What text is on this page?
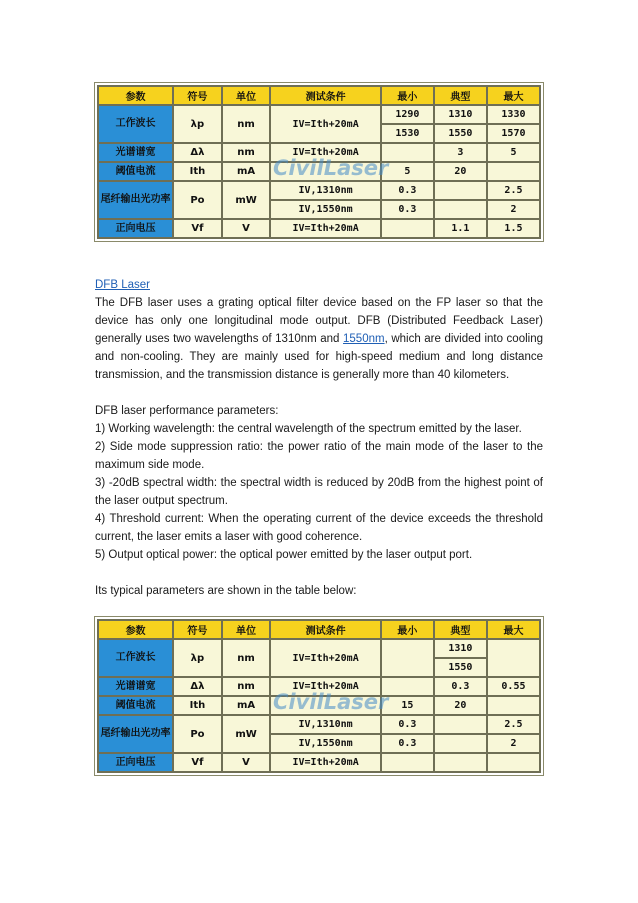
参数	符号	单位	测试条件	最小	典型	最大
工作波长	λp	nm	IV=Ith+20mA	1290	1310	1330
				1530	1550	1570
光谱谱宽	Δλ	nm	IV=Ith+20mA		3	5
阈值电流	Ith	mA		5	20	
尾纤输出光功率	Po	mW	IV,1310nm	0.3		2.5
			IV,1550nm	0.3		2
正向电压	Vf	V	IV=Ith+20mA		1.1	1.5
CivilLaser

DFB Laser

The DFB laser uses a grating optical filter device based on the FP laser so that the device has only one longitudinal mode output. DFB (Distributed Feedback Laser) generally uses two wavelengths of 1310nm and 1550nm, which are divided into cooling and non-cooling. They are mainly used for high-speed medium and long distance transmission, and the transmission distance is generally more than 40 kilometers.

DFB laser performance parameters:

1) Working wavelength: the central wavelength of the spectrum emitted by the laser.

2) Side mode suppression ratio: the power ratio of the main mode of the laser to the maximum side mode.

3) -20dB spectral width: the spectral width is reduced by 20dB from the highest point of the laser output spectrum.

4) Threshold current: When the operating current of the device exceeds the threshold current, the laser emits a laser with good coherence.

5) Output optical power: the optical power emitted by the laser output port.

Its typical parameters are shown in the table below:

参数	符号	单位	测试条件	最小	典型	最大
工作波长	λp	nm	IV=Ith+20mA		1310	
					1550	
光谱谱宽	Δλ	nm	IV=Ith+20mA		0.3	0.55
阈值电流	Ith	mA		15	20	
尾纤输出光功率	Po	mW	IV,1310nm	0.3		2.5
			IV,1550nm	0.3		2
正向电压	Vf	V	IV=Ith+20mA			
CivilLaser
